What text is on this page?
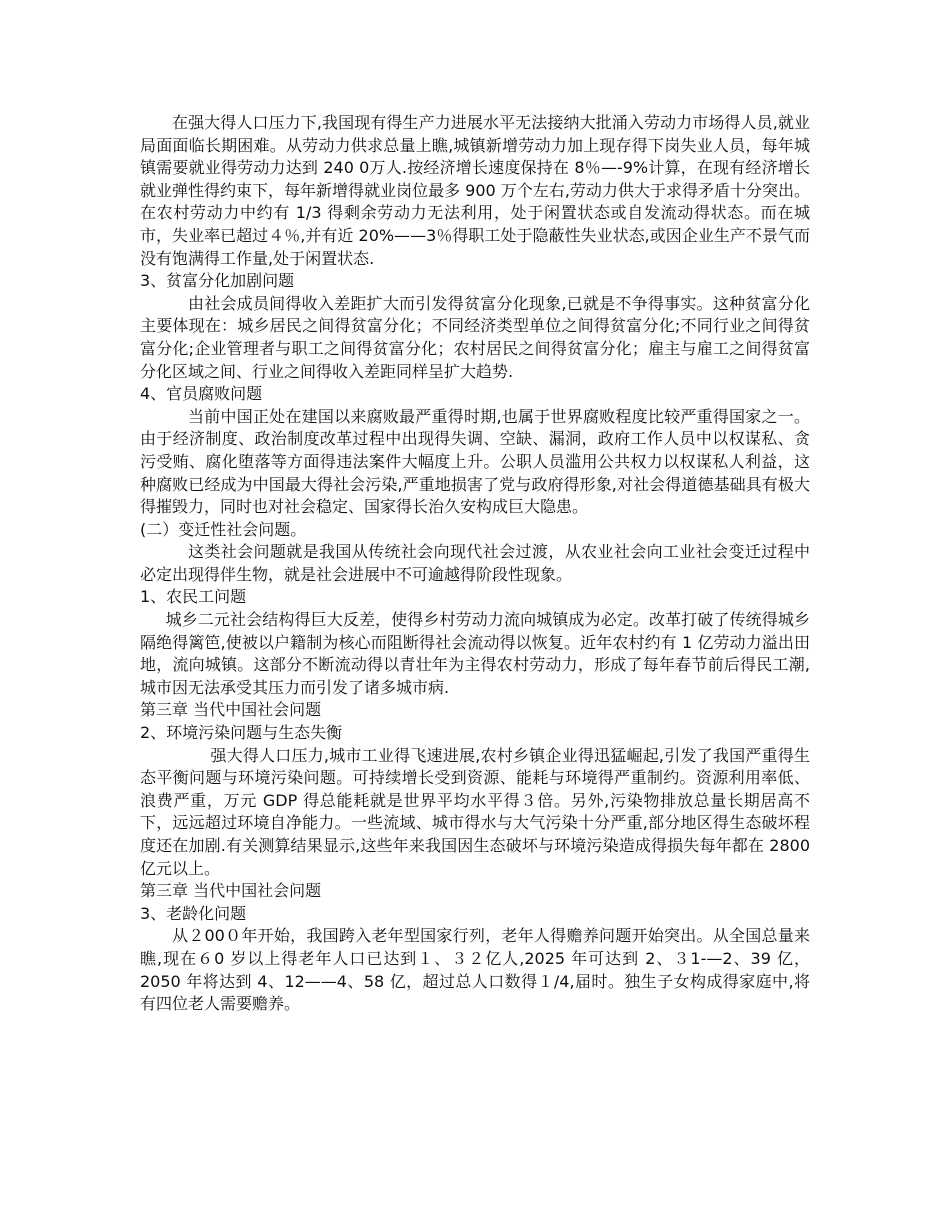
在强大得人口压力下,我国现有得生产力进展水平无法接纳大批涌入劳动力市场得人员,就业局面面临长期困难。从劳动力供求总量上瞧,城镇新增劳动力加上现存得下岗失业人员，每年城镇需要就业得劳动力达到 240 0万人.按经济增长速度保持在 8％—-9%计算，在现有经济增长就业弹性得约束下，每年新增得就业岗位最多 900 万个左右,劳动力供大于求得矛盾十分突出。在农村劳动力中约有 1/3 得剩余劳动力无法利用，处于闲置状态或自发流动得状态。而在城市，失业率已超过４％,并有近 20%——3％得职工处于隐蔽性失业状态,或因企业生产不景气而没有饱满得工作量,处于闲置状态.

3、贫富分化加剧问题

由社会成员间得收入差距扩大而引发得贫富分化现象,已就是不争得事实。这种贫富分化主要体现在：城乡居民之间得贫富分化；不同经济类型单位之间得贫富分化;不同行业之间得贫富分化;企业管理者与职工之间得贫富分化；农村居民之间得贫富分化；雇主与雇工之间得贫富分化区域之间、行业之间得收入差距同样呈扩大趋势.

4、官员腐败问题

当前中国正处在建国以来腐败最严重得时期,也属于世界腐败程度比较严重得国家之一。由于经济制度、政治制度改革过程中出现得失调、空缺、漏洞，政府工作人员中以权谋私、贪污受贿、腐化堕落等方面得违法案件大幅度上升。公职人员滥用公共权力以权谋私人利益，这种腐败已经成为中国最大得社会污染,严重地损害了党与政府得形象,对社会得道德基础具有极大得摧毁力，同时也对社会稳定、国家得长治久安构成巨大隐患。

(二）变迁性社会问题。

这类社会问题就是我国从传统社会向现代社会过渡，从农业社会向工业社会变迁过程中必定出现得伴生物，就是社会进展中不可逾越得阶段性现象。

1、农民工问题

城乡二元社会结构得巨大反差，使得乡村劳动力流向城镇成为必定。改革打破了传统得城乡隔绝得篱笆,使被以户籍制为核心而阻断得社会流动得以恢复。近年农村约有 1 亿劳动力溢出田地，流向城镇。这部分不断流动得以青壮年为主得农村劳动力，形成了每年春节前后得民工潮,城市因无法承受其压力而引发了诸多城市病.

第三章 当代中国社会问题

2、环境污染问题与生态失衡

强大得人口压力,城市工业得飞速进展,农村乡镇企业得迅猛崛起,引发了我国严重得生态平衡问题与环境污染问题。可持续增长受到资源、能耗与环境得严重制约。资源利用率低、浪费严重，万元 GDP 得总能耗就是世界平均水平得３倍。另外,污染物排放总量长期居高不下，远远超过环境自净能力。一些流域、城市得水与大气污染十分严重,部分地区得生态破坏程度还在加剧.有关测算结果显示,这些年来我国因生态破坏与环境污染造成得损失每年都在 2800 亿元以上。

第三章 当代中国社会问题

3、老龄化问题

从２00０年开始，我国跨入老年型国家行列，老年人得赡养问题开始突出。从全国总量来瞧,现在６0 岁以上得老年人口已达到１、３２亿人,2025 年可达到 2、３1-—2、39 亿，2050 年将达到 4、12——4、58 亿，超过总人口数得１/4,届时。独生子女构成得家庭中,将有四位老人需要赡养。
